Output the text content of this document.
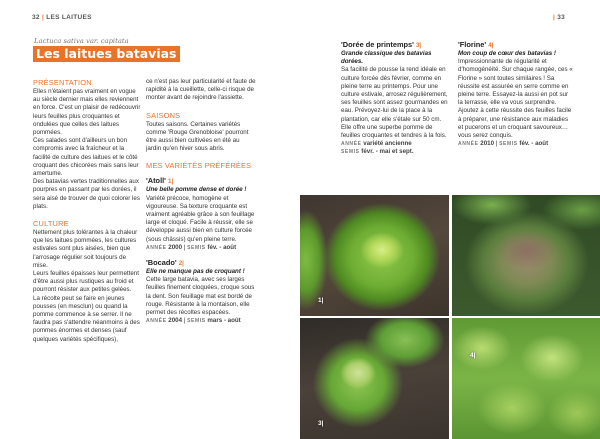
32 | LES LAITUES	| 33
Lactuca sativa var. capitata
Les laitues batavias
PRÉSENTATION

Elles n'étaient pas vraiment en vogue au siècle dernier mais elles reviennent en force. C'est un plaisir de redécouvrir leurs feuilles plus croquantes et ondulées que celles des laitues pommées.

Ces salades sont d'ailleurs un bon compromis avec la fraîcheur et la facilité de culture des laitues et le côté croquant des chicorées mais sans leur amertume.

Des batavias vertes traditionnelles aux pourpres en passant par les dorées, il sera aisé de trouver de quoi colorer les plats.

CULTURE

Nettement plus tolérantes à la chaleur que les laitues pommées, les cultures estivales sont plus aisées, bien que l'arrosage régulier soit toujours de mise.

Leurs feuilles épaisses leur permettent d'être aussi plus rustiques au froid et pourront résister aux petites gelées.

La récolte peut se faire en jeunes pousses (en mesclun) ou quand la pomme commence à se serrer. Il ne faudra pas s'attendre néanmoins à des pommes énormes et denses (sauf quelques variétés spécifiques),

ce n'est pas leur particularité et faute de rapidité à la cueillette, celle-ci risque de monter avant de rejoindre l'assiette.

SAISONS

Toutes saisons. Certaines variétés comme 'Rouge Grenobloise' pourront être aussi bien cultivées en été au jardin qu'en hiver sous abris.

MES VARIÉTÉS PRÉFÉRÉES
'Atoll' 1|

Une belle pomme dense et dorée !

Variété précoce, homogène et vigoureuse. Sa texture croquante est vraiment agréable grâce à son feuillage large et cloqué. Facile à réussir, elle se développe aussi bien en culture forcée (sous châssis) qu'en pleine terre.

ANNÉE 2000 | SEMIS fév. - août

'Bocado' 2|

Elle ne manque pas de croquant !

Cette large batavia, avec ses larges feuilles finement cloquées, croque sous la dent. Son feuillage mat est bordé de rouge. Résistante à la montaison, elle permet des récoltes espacées.

ANNÉE 2004 | SEMIS mars - août

'Dorée de printemps' 3|

Grande classique des batavias dorées.

Sa facilité de pousse la rend idéale en culture forcée dès février, comme en pleine terre au printemps. Pour une culture estivale, arrosez régulièrement, ses feuilles sont assez gourmandes en eau. Prévoyez-lui de la place à la plantation, car elle s'étale sur 50 cm. Elle offre une superbe pomme de feuilles croquantes et tendres à la fois.

ANNÉE variété ancienne

SEMIS févr. - mai et sept.

'Florine' 4|

Mon coup de cœur des batavias !

Impressionnante de régularité et d'homogénéité. Sur chaque rangée, ces « Florine » sont toutes similaires ! Sa réussite est assurée en serre comme en pleine terre. Essayez-la aussi en pot sur la terrasse, elle va vous surprendre. Ajoutez à cette réussite des feuilles facile à préparer, une résistance aux maladies et pucerons et un croquant savoureux… vous serez conquis.

ANNÉE 2010 | SEMIS fév. - août

1|
3|
4|
